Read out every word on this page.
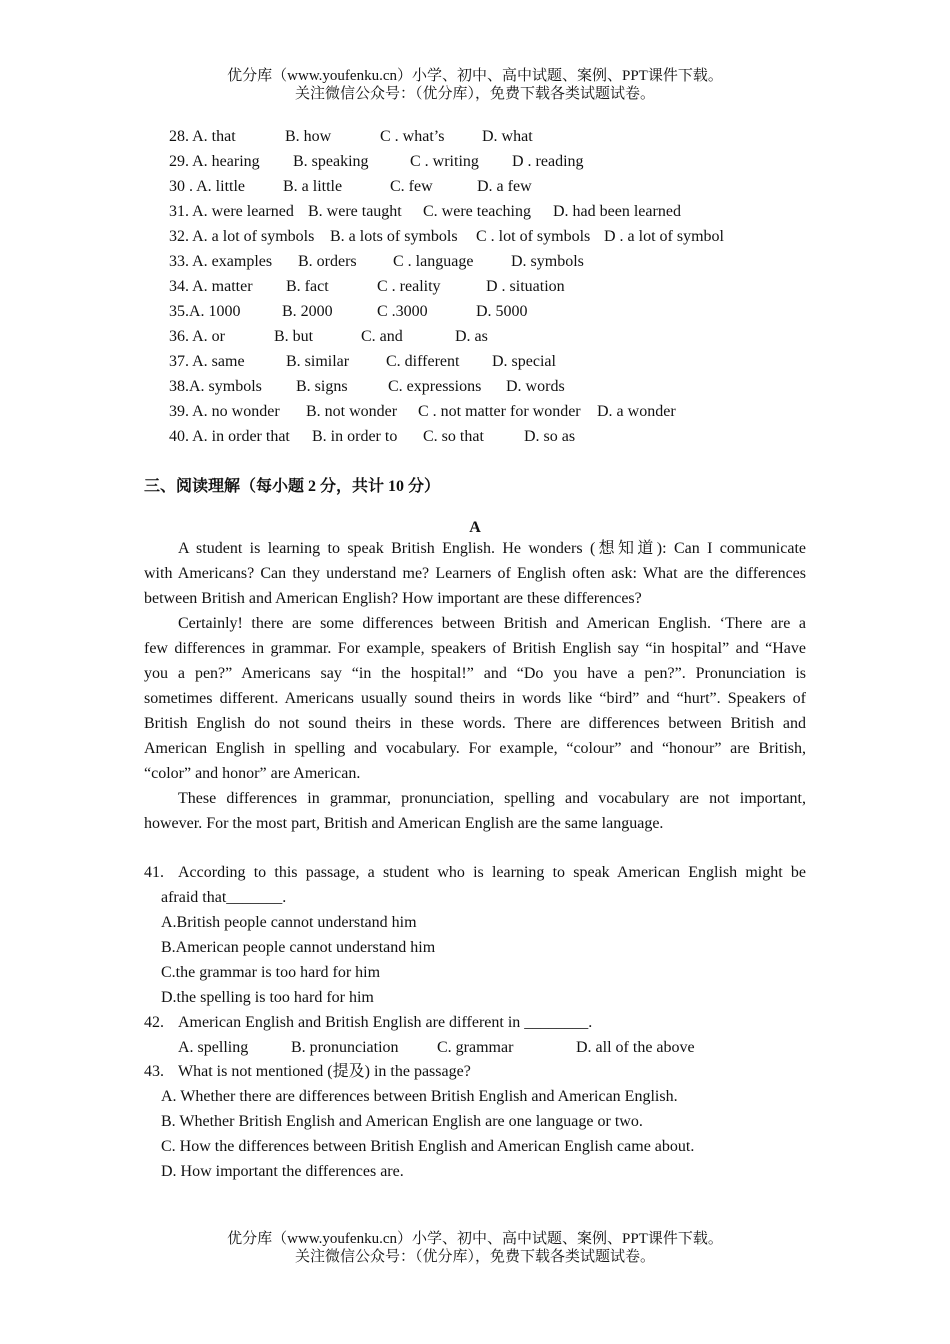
优分库（www.youfenku.cn）小学、初中、高中试题、案例、PPT课件下载。
关注微信公众号：（优分库），免费下载各类试题试卷。
28. A. that	B. how	C . what’s D. what
29. A. hearing B. speaking	C . writing D . reading
30 . A. little B. a little	C. few	D. a few
31. A. were learned B. were taught C. were teaching D. had been learned
32. A. a lot of symbols B. a lots of symbols C . lot of symbols D . a lot of symbol
33. A. examples B. orders C . language D. symbols
34. A. matter B. fact	C . reality	D . situation
35.A. 1000	B. 2000	C .3000	D. 5000
36. A. or	B. but	C. and	D. as
37. A. same	B. similar C. different D. special
38.A. symbols B. signs	C. expressions D. words
39. A. no wonder B. not wonder C . not matter for wonder D. a wonder
40. A. in order that B. in order to C. so that	D. so as
三、阅读理解（每小题 2 分，共计 10 分）
A
A student is learning to speak British English. He wonders (想知道): Can I communicate
with Americans? Can they understand me? Learners of English often ask: What are the differences
between British and American English? How important are these differences?
Certainly! there are some differences between British and American English. ‘There are a
few differences in grammar. For example, speakers of British English say “in hospital” and “Have
you a pen?” Americans say “in the hospital!” and “Do you have a pen?”. Pronunciation is
sometimes different. Americans usually sound theirs in words like “bird” and “hurt”. Speakers of
British English do not sound theirs in these words. There are differences between British and
American English in spelling and vocabulary. For example, “colour” and “honour” are British,
“color” and honor” are American.
These differences in grammar, pronunciation, spelling and vocabulary are not important,
however. For the most part, British and American English are the same language.
41. According to this passage, a student who is learning to speak American English might be
afraid that_______.
A.British people cannot understand him
B.American people cannot understand him
C.the grammar is too hard for him
D.the spelling is too hard for him
42. American English and British English are different in ________.
A. spelling	B. pronunciation C. grammar	D. all of the above
43. What is not mentioned (提及) in the passage?
A. Whether there are differences between British English and American English.
B. Whether British English and American English are one language or two.
C. How the differences between British English and American English came about.
D. How important the differences are.
优分库（www.youfenku.cn）小学、初中、高中试题、案例、PPT课件下载。
关注微信公众号：（优分库），免费下载各类试题试卷。
